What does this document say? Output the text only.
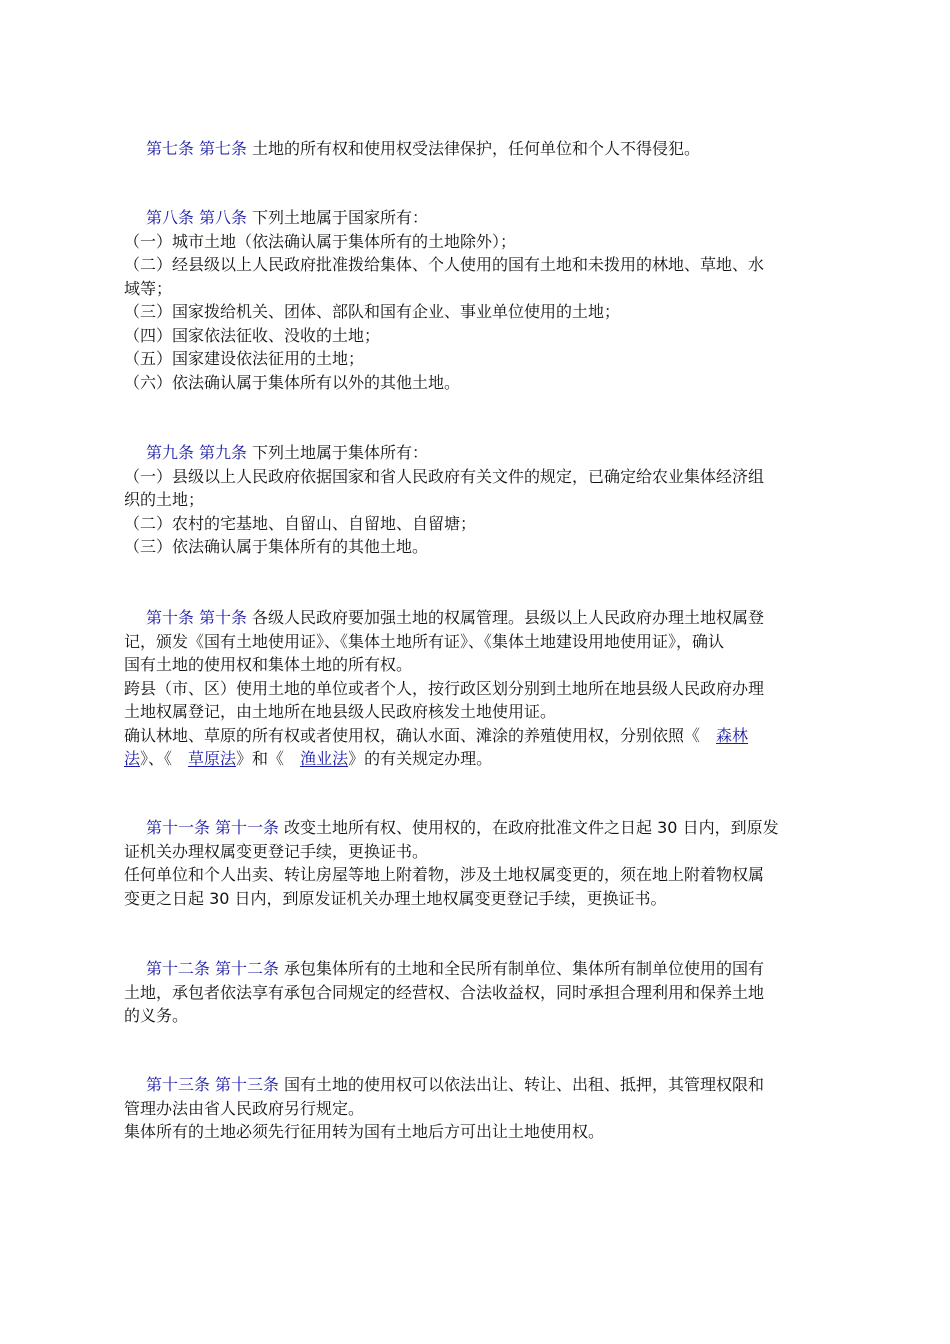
第七条 第七条 土地的所有权和使用权受法律保护，任何单位和个人不得侵犯。
第八条 第八条 下列土地属于国家所有：
（一）城市土地（依法确认属于集体所有的土地除外）；
（二）经县级以上人民政府批准拨给集体、个人使用的国有土地和未拨用的林地、草地、水
域等；
（三）国家拨给机关、团体、部队和国有企业、事业单位使用的土地；
（四）国家依法征收、没收的土地；
（五）国家建设依法征用的土地；
（六）依法确认属于集体所有以外的其他土地。
第九条 第九条 下列土地属于集体所有：
（一）县级以上人民政府依据国家和省人民政府有关文件的规定，已确定给农业集体经济组
织的土地；
（二）农村的宅基地、自留山、自留地、自留塘；
（三）依法确认属于集体所有的其他土地。
第十条 第十条 各级人民政府要加强土地的权属管理。县级以上人民政府办理土地权属登
记，颁发《国有土地使用证》、《集体土地所有证》、《集体土地建设用地使用证》，确认
国有土地的使用权和集体土地的所有权。
跨县（市、区）使用土地的单位或者个人，按行政区划分别到土地所在地县级人民政府办理
土地权属登记，由土地所在地县级人民政府核发土地使用证。
确认林地、草原的所有权或者使用权，确认水面、滩涂的养殖使用权，分别依照《 森林
法》、《 草原法》和《 渔业法》的有关规定办理。
第十一条 第十一条 改变土地所有权、使用权的，在政府批准文件之日起 30 日内，到原发
证机关办理权属变更登记手续，更换证书。
任何单位和个人出卖、转让房屋等地上附着物，涉及土地权属变更的，须在地上附着物权属
变更之日起 30 日内，到原发证机关办理土地权属变更登记手续，更换证书。
第十二条 第十二条 承包集体所有的土地和全民所有制单位、集体所有制单位使用的国有
土地，承包者依法享有承包合同规定的经营权、合法收益权，同时承担合理利用和保养土地
的义务。
第十三条 第十三条 国有土地的使用权可以依法出让、转让、出租、抵押，其管理权限和
管理办法由省人民政府另行规定。
集体所有的土地必须先行征用转为国有土地后方可出让土地使用权。
